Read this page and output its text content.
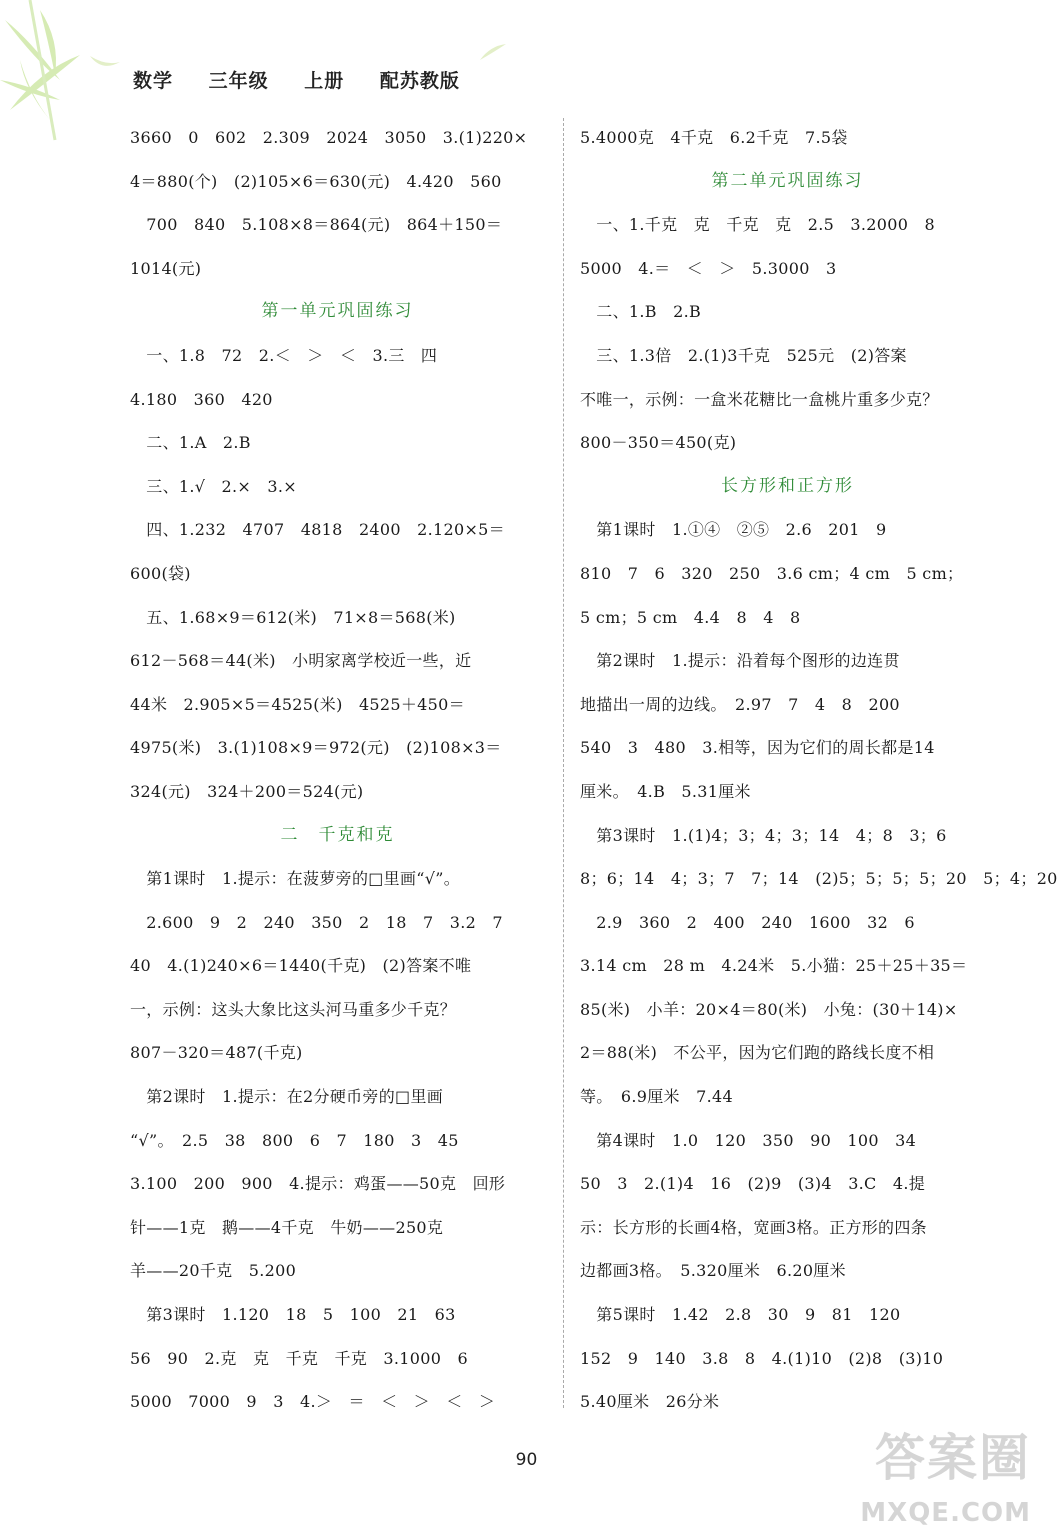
数学 三年级 上册 配苏教版
3660　0　602　2.309　2024　3050　3.(1)220×
4＝880(个)　(2)105×6＝630(元)　4.420　560
　700　840　5.108×8＝864(元)　864＋150＝
1014(元)
第一单元巩固练习
　一、1.8　72　2.＜　＞　＜　3.三　四
4.180　360　420
　二、1.A　2.B
　三、1.√　2.×　3.×
　四、1.232　4707　4818　2400　2.120×5＝
600(袋)
　五、1.68×9＝612(米)　71×8＝568(米)
612－568＝44(米)　小明家离学校近一些，近
44米　2.905×5＝4525(米)　4525＋450＝
4975(米)　3.(1)108×9＝972(元)　(2)108×3＝
324(元)　324＋200＝524(元)
二　千克和克
　第1课时　1.提示：在菠萝旁的□里画“√”。
　2.600　9　2　240　350　2　18　7　3.2　7
40　4.(1)240×6＝1440(千克)　(2)答案不唯
一，示例：这头大象比这头河马重多少千克？
807－320＝487(千克)
　第2课时　1.提示：在2分硬币旁的□里画
“√”。　2.5　38　800　6　7　180　3　45
3.100　200　900　4.提示：鸡蛋——50克　回形
针——1克　鹅——4千克　牛奶——250克
羊——20千克　5.200
　第3课时　1.120　18　5　100　21　63
56　90　2.克　克　千克　千克　3.1000　6
5000　7000　9　3　4.＞　＝　＜　＞　＜　＞
5.4000克　4千克　6.2千克　7.5袋
第二单元巩固练习
　一、1.千克　克　千克　克　2.5　3.2000　8
5000　4.＝　＜　＞　5.3000　3
　二、1.B　2.B
　三、1.3倍　2.(1)3千克　525元　(2)答案
不唯一，示例：一盒米花糖比一盒桃片重多少克？
800－350＝450(克)
长方形和正方形
　第1课时　1.①④　②⑤　2.6　201　9
810　7　6　320　250　3.6 cm；4 cm　5 cm；
5 cm；5 cm　4.4　8　4　8
　第2课时　1.提示：沿着每个图形的边连贯
地描出一周的边线。　2.97　7　4　8　200
540　3　480　3.相等，因为它们的周长都是14
厘米。　4.B　5.31厘米
　第3课时　1.(1)4；3；4；3；14　4；8　3；6
8；6；14　4；3；7　7；14　(2)5；5；5；5；20　5；4；20
　2.9　360　2　400　240　1600　32　6
3.14 cm　28 m　4.24米　5.小猫：25＋25＋35＝
85(米)　小羊：20×4＝80(米)　小兔：(30＋14)×
2＝88(米)　不公平，因为它们跑的路线长度不相
等。　6.9厘米　7.44
　第4课时　1.0　120　350　90　100　34
50　3　2.(1)4　16　(2)9　(3)4　3.C　4.提
示：长方形的长画4格，宽画3格。正方形的四条
边都画3格。　5.320厘米　6.20厘米
　第5课时　1.42　2.8　30　9　81　120
152　9　140　3.8　8　4.(1)10　(2)8　(3)10
5.40厘米　26分米
90	答案圈
MXQE.COM
